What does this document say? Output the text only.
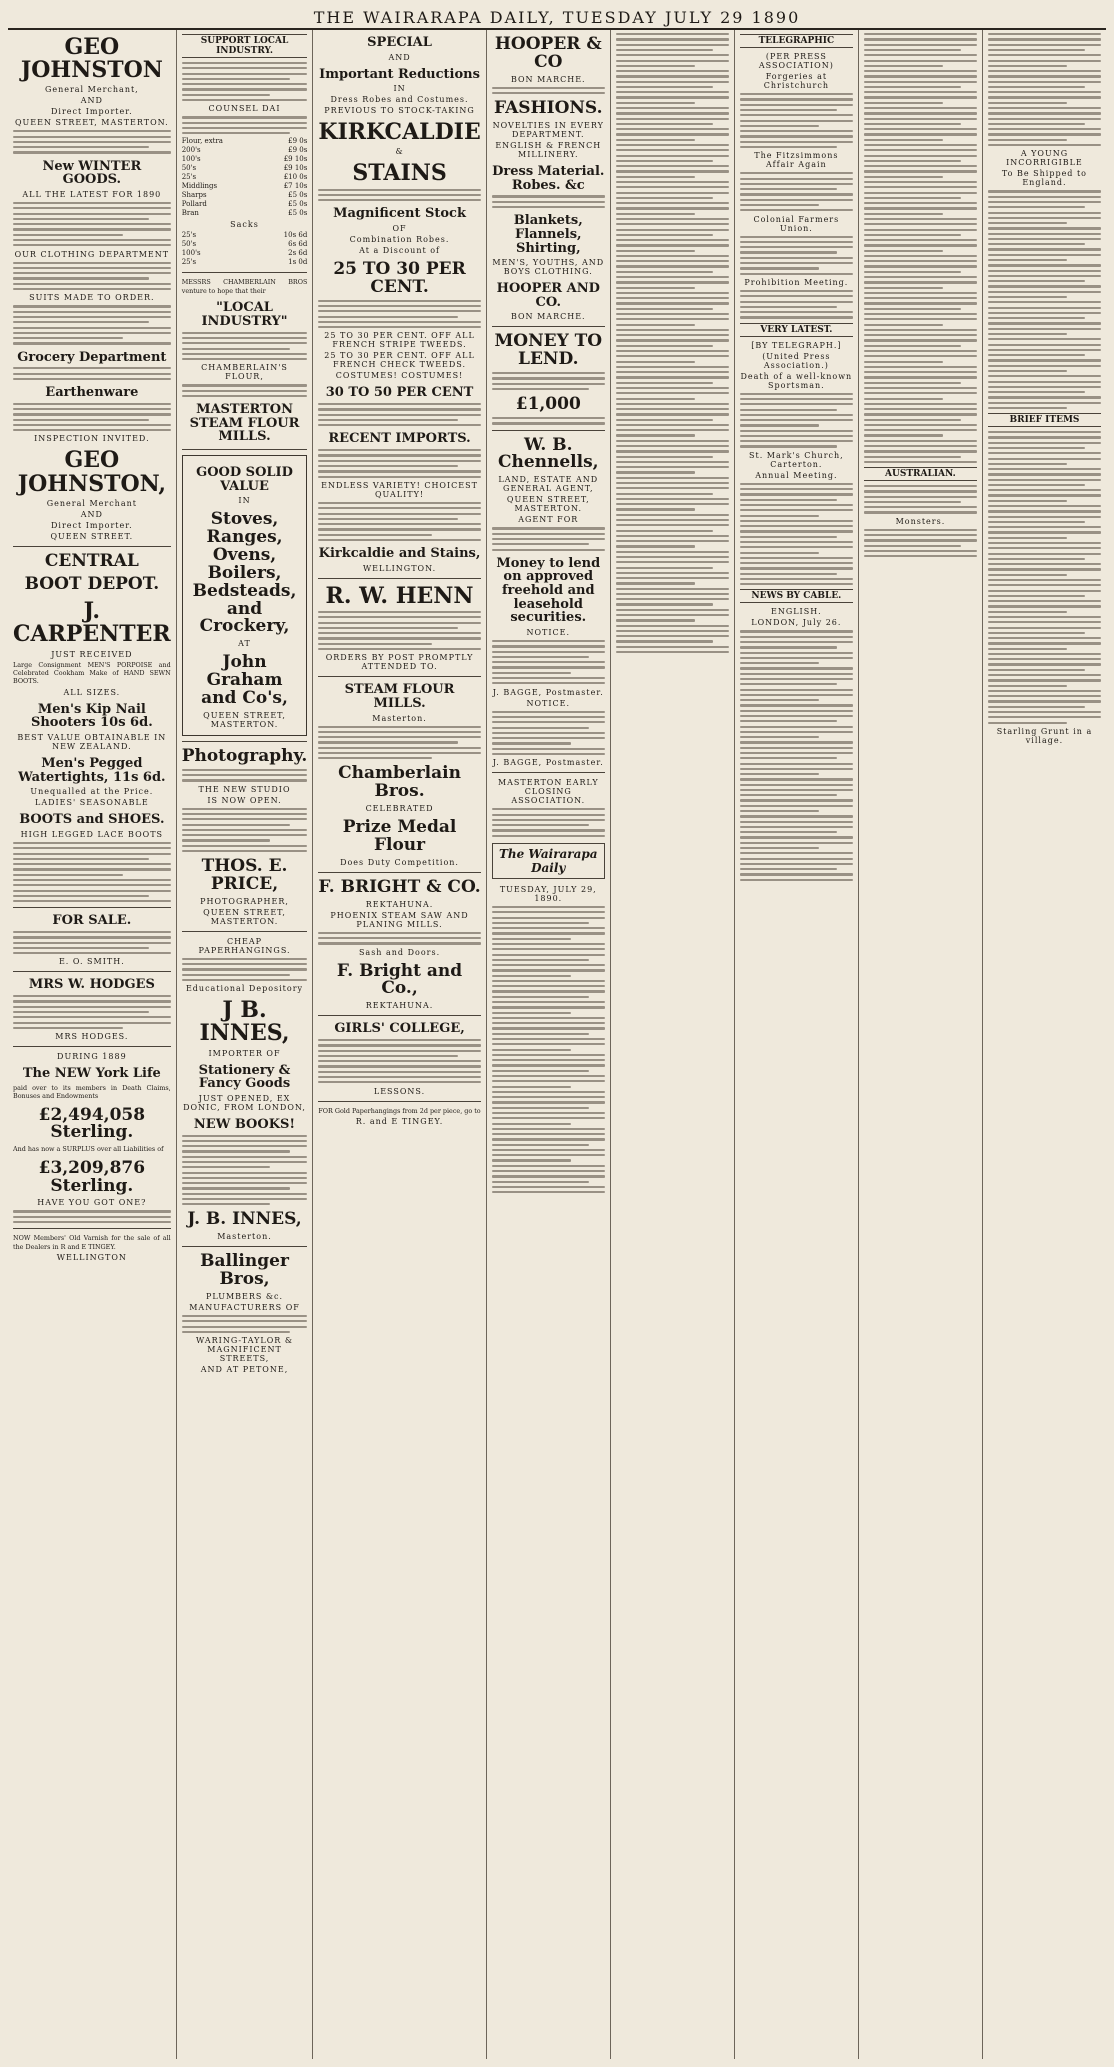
THE WAIRARAPA DAILY, TUESDAY JULY 29 1890
GEO JOHNSTON
General Merchant,
AND
Direct Importer.
QUEEN STREET, MASTERTON.
New WINTER GOODS.
ALL THE LATEST FOR 1890
OUR CLOTHING DEPARTMENT
SUITS MADE TO ORDER.
Grocery Department
Earthenware
INSPECTION INVITED.
GEO JOHNSTON,
General Merchant
AND
Direct Importer.
QUEEN STREET.
CENTRAL
BOOT DEPOT.
J. CARPENTER
JUST RECEIVED
Large Consignment MEN'S PORPOISE and Celebrated Cookham Make of HAND SEWN BOOTS.
ALL SIZES.
Men's Kip Nail Shooters 10s 6d.
BEST VALUE OBTAINABLE IN NEW ZEALAND.
Men's Pegged Watertights, 11s 6d.
Unequalled at the Price.
LADIES' SEASONABLE
BOOTS and SHOES.
HIGH LEGGED LACE BOOTS
FOR SALE.
E. O. SMITH.
MRS W. HODGES
MRS HODGES.
DURING 1889
The NEW York Life
paid over to its members in Death Claims, Bonuses and Endowments
£2,494,058 Sterling.
And has now a SURPLUS over all Liabilities of
£3,209,876 Sterling.
HAVE YOU GOT ONE?
NOW Members' Old Varnish for the sale of all the Dealers in R and E TINGEY.
WELLINGTON
SUPPORT LOCAL INDUSTRY.
COUNSEL DAI
Flour, extra	£9 0s
200's	£9 0s
100's	£9 10s
50's	£9 10s
25's	£10 0s
Middlings	£7 10s
Sharps	£5 0s
Pollard	£5 0s
Bran	£5 0s
Sacks
25's	10s 6d
50's	6s 6d
100's	2s 6d
25's	1s 0d
MESSRS CHAMBERLAIN BROS venture to hope that their
"LOCAL INDUSTRY"
CHAMBERLAIN'S FLOUR,
MASTERTON STEAM FLOUR MILLS.
GOOD SOLID VALUE
IN
Stoves, Ranges, Ovens, Boilers, Bedsteads, and Crockery,
AT
John Graham and Co's,
QUEEN STREET, MASTERTON.
Photography.
THE NEW STUDIO
IS NOW OPEN.
THOS. E. PRICE,
PHOTOGRAPHER,
QUEEN STREET, MASTERTON.
CHEAP PAPERHANGINGS.
Educational Depository
J B. INNES,
IMPORTER OF
Stationery & Fancy Goods
JUST OPENED, EX DONIC, FROM LONDON,
NEW BOOKS!
J. B. INNES,
Masterton.
Ballinger Bros,
PLUMBERS &c.
MANUFACTURERS OF
WARING-TAYLOR & MAGNIFICENT STREETS,
AND AT PETONE,
SPECIAL
AND
Important Reductions
IN
Dress Robes and Costumes.
PREVIOUS TO STOCK-TAKING
KIRKCALDIE
&
STAINS
Magnificent Stock
OF
Combination Robes.
At a Discount of
25 TO 30 PER CENT.
25 TO 30 PER CENT. OFF ALL FRENCH STRIPE TWEEDS.
25 TO 30 PER CENT. OFF ALL FRENCH CHECK TWEEDS.
COSTUMES! COSTUMES!
30 TO 50 PER CENT
RECENT IMPORTS.
ENDLESS VARIETY! CHOICEST QUALITY!
Kirkcaldie and Stains,
WELLINGTON.
R. W. HENN
ORDERS BY POST PROMPTLY ATTENDED TO.
STEAM FLOUR MILLS.
Masterton.
Chamberlain Bros.
CELEBRATED
Prize Medal Flour
Does Duty Competition.
F. BRIGHT & CO.
REKTAHUNA.
PHOENIX STEAM SAW AND PLANING MILLS.
Sash and Doors.
F. Bright and Co.,
REKTAHUNA.
GIRLS' COLLEGE,
LESSONS.
FOR Gold Paperhangings from 2d per piece, go to
R. and E TINGEY.
HOOPER & CO
BON MARCHE.
FASHIONS.
NOVELTIES IN EVERY DEPARTMENT.
ENGLISH & FRENCH MILLINERY.
Dress Material. Robes. &c
Blankets, Flannels, Shirting,
MEN'S, YOUTHS, AND BOYS CLOTHING.
HOOPER AND CO.
BON MARCHE.
MONEY TO LEND.
£1,000
W. B. Chennells,
LAND, ESTATE AND GENERAL AGENT,
QUEEN STREET, MASTERTON.
AGENT FOR
Money to lend on approved freehold and leasehold securities.
NOTICE.
J. BAGGE, Postmaster.
NOTICE.
J. BAGGE, Postmaster.
MASTERTON EARLY CLOSING ASSOCIATION.
The Wairarapa Daily
TUESDAY, JULY 29, 1890.
TELEGRAPHIC
(PER PRESS ASSOCIATION)
Forgeries at Christchurch
The Fitzsimmons Affair Again
Colonial Farmers Union.
Prohibition Meeting.
VERY LATEST.
[BY TELEGRAPH.]
(United Press Association.)
Death of a well-known Sportsman.
St. Mark's Church, Carterton.
Annual Meeting.
NEWS BY CABLE.
ENGLISH.
LONDON, July 26.
AUSTRALIAN.
Monsters.
A YOUNG INCORRIGIBLE
To Be Shipped to England.
BRIEF ITEMS
Starling Grunt in a village.
